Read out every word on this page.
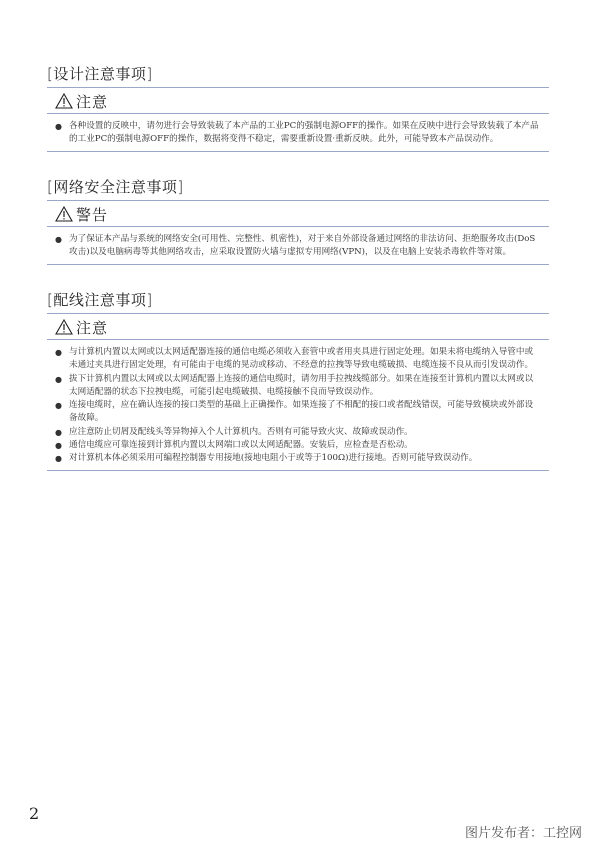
[设计注意事项]
注意
● 各种设置的反映中，请勿进行会导致装载了本产品的工业PC的强制电源OFF的操作。如果在反映中进行会导致装载了本产品的工业PC的强制电源OFF的操作，数据将变得不稳定，需要重新设置·重新反映。此外，可能导致本产品误动作。
[网络安全注意事项]
警告
● 为了保证本产品与系统的网络安全(可用性、完整性、机密性)，对于来自外部设备通过网络的非法访问、拒绝服务攻击(DoS攻击)以及电脑病毒等其他网络攻击，应采取设置防火墙与虚拟专用网络(VPN)，以及在电脑上安装杀毒软件等对策。
[配线注意事项]
注意
● 与计算机内置以太网或以太网适配器连接的通信电缆必须收入套管中或者用夹具进行固定处理。如果未将电缆纳入导管中或未通过夹具进行固定处理，有可能由于电缆的晃动或移动、不经意的拉拽等导致电缆破损、电缆连接不良从而引发误动作。
● 拔下计算机内置以太网或以太网适配器上连接的通信电缆时，请勿用手拉拽线缆部分。如果在连接至计算机内置以太网或以太网适配器的状态下拉拽电缆，可能引起电缆破损、电缆接触不良而导致误动作。
● 连接电缆时，应在确认连接的接口类型的基础上正确操作。如果连接了不相配的接口或者配线错误，可能导致模块或外部设备故障。
● 应注意防止切屑及配线头等异物掉入个人计算机内。否则有可能导致火灾、故障或误动作。
● 通信电缆应可靠连接到计算机内置以太网端口或以太网适配器。安装后，应检查是否松动。
● 对计算机本体必须采用可编程控制器专用接地(接地电阻小于或等于100Ω)进行接地。否则可能导致误动作。
2
图片发布者：工控网
